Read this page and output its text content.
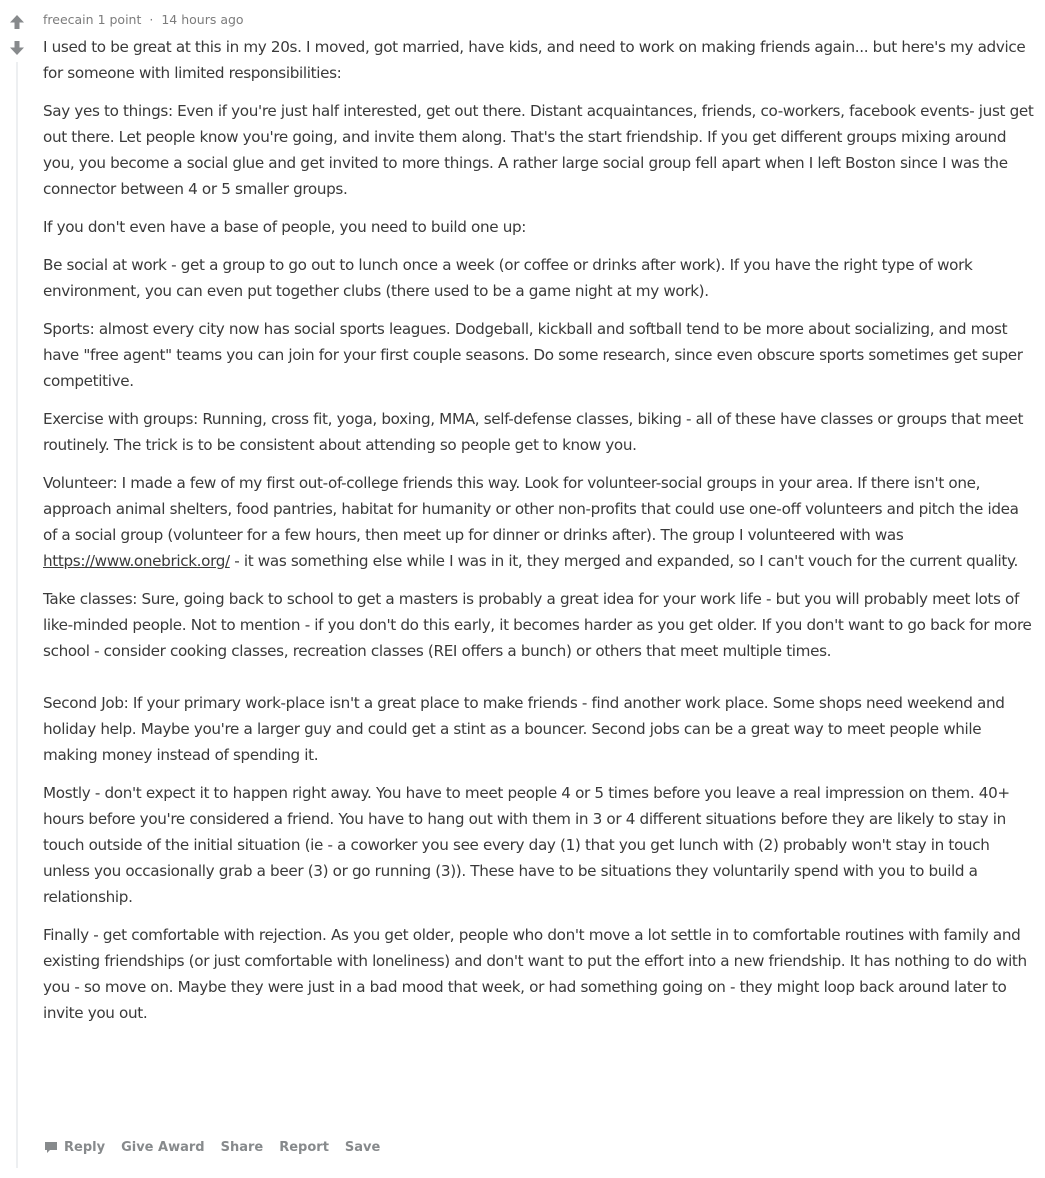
freecain 1 point · 14 hours ago

I used to be great at this in my 20s. I moved, got married, have kids, and need to work on making friends again... but here's my advice for someone with limited responsibilities:

Say yes to things: Even if you're just half interested, get out there. Distant acquaintances, friends, co-workers, facebook events- just get out there. Let people know you're going, and invite them along. That's the start friendship. If you get different groups mixing around you, you become a social glue and get invited to more things. A rather large social group fell apart when I left Boston since I was the connector between 4 or 5 smaller groups.

If you don't even have a base of people, you need to build one up:

Be social at work - get a group to go out to lunch once a week (or coffee or drinks after work). If you have the right type of work environment, you can even put together clubs (there used to be a game night at my work).

Sports: almost every city now has social sports leagues. Dodgeball, kickball and softball tend to be more about socializing, and most have "free agent" teams you can join for your first couple seasons. Do some research, since even obscure sports sometimes get super competitive.

Exercise with groups: Running, cross fit, yoga, boxing, MMA, self-defense classes, biking - all of these have classes or groups that meet routinely. The trick is to be consistent about attending so people get to know you.

Volunteer: I made a few of my first out-of-college friends this way. Look for volunteer-social groups in your area. If there isn't one, approach animal shelters, food pantries, habitat for humanity or other non-profits that could use one-off volunteers and pitch the idea of a social group (volunteer for a few hours, then meet up for dinner or drinks after). The group I volunteered with was https://www.onebrick.org/ - it was something else while I was in it, they merged and expanded, so I can't vouch for the current quality.

Take classes: Sure, going back to school to get a masters is probably a great idea for your work life - but you will probably meet lots of like-minded people. Not to mention - if you don't do this early, it becomes harder as you get older. If you don't want to go back for more school - consider cooking classes, recreation classes (REI offers a bunch) or others that meet multiple times.

Second Job: If your primary work-place isn't a great place to make friends - find another work place. Some shops need weekend and holiday help. Maybe you're a larger guy and could get a stint as a bouncer. Second jobs can be a great way to meet people while making money instead of spending it.

Mostly - don't expect it to happen right away. You have to meet people 4 or 5 times before you leave a real impression on them. 40+ hours before you're considered a friend. You have to hang out with them in 3 or 4 different situations before they are likely to stay in touch outside of the initial situation (ie - a coworker you see every day (1) that you get lunch with (2) probably won't stay in touch unless you occasionally grab a beer (3) or go running (3)). These have to be situations they voluntarily spend with you to build a relationship.

Finally - get comfortable with rejection. As you get older, people who don't move a lot settle in to comfortable routines with family and existing friendships (or just comfortable with loneliness) and don't want to put the effort into a new friendship. It has nothing to do with you - so move on. Maybe they were just in a bad mood that week, or had something going on - they might loop back around later to invite you out.

Reply Give Award Share Report Save
